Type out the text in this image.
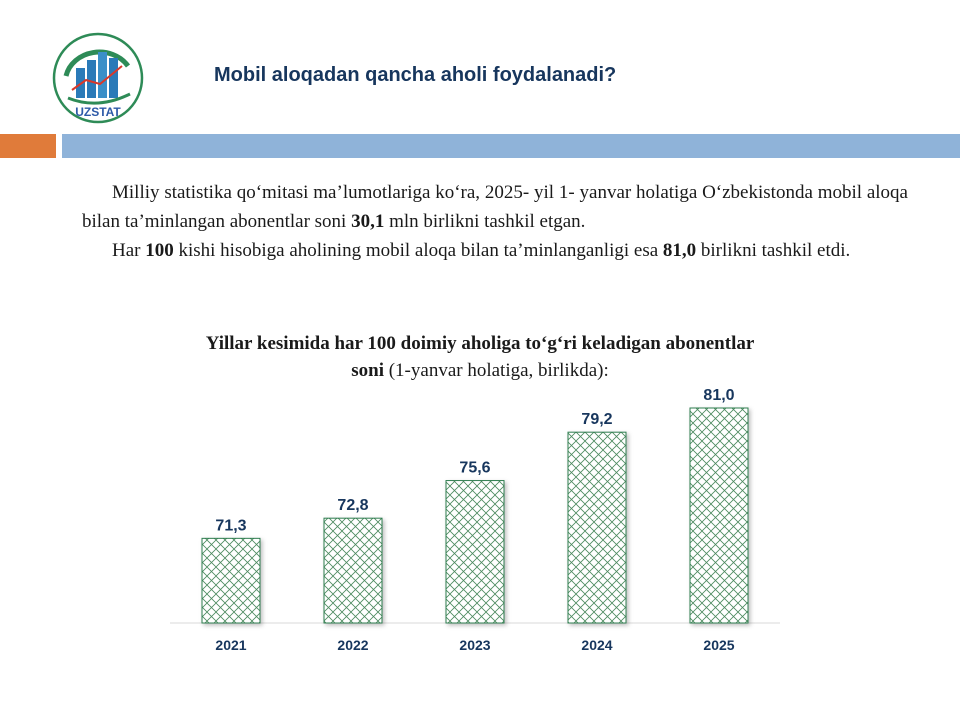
UZSTAT
Mobil aloqadan qancha aholi foydalanadi?

Milliy statistika qo‘mitasi ma’lumotlariga ko‘ra, 2025- yil 1- yanvar holatiga O‘zbekistonda mobil aloqa bilan ta’minlangan abonentlar soni 30,1 mln birlikni tashkil etgan.

Har 100 kishi hisobiga aholining mobil aloqa bilan ta’minlanganligi esa 81,0 birlikni tashkil etdi.

Yillar kesimida har 100 doimiy aholiga to‘g‘ri keladigan abonentlar
soni (1-yanvar holatiga, birlikda):
71,3
2021
72,8
2022
75,6
2023
79,2
2024
81,0
2025
